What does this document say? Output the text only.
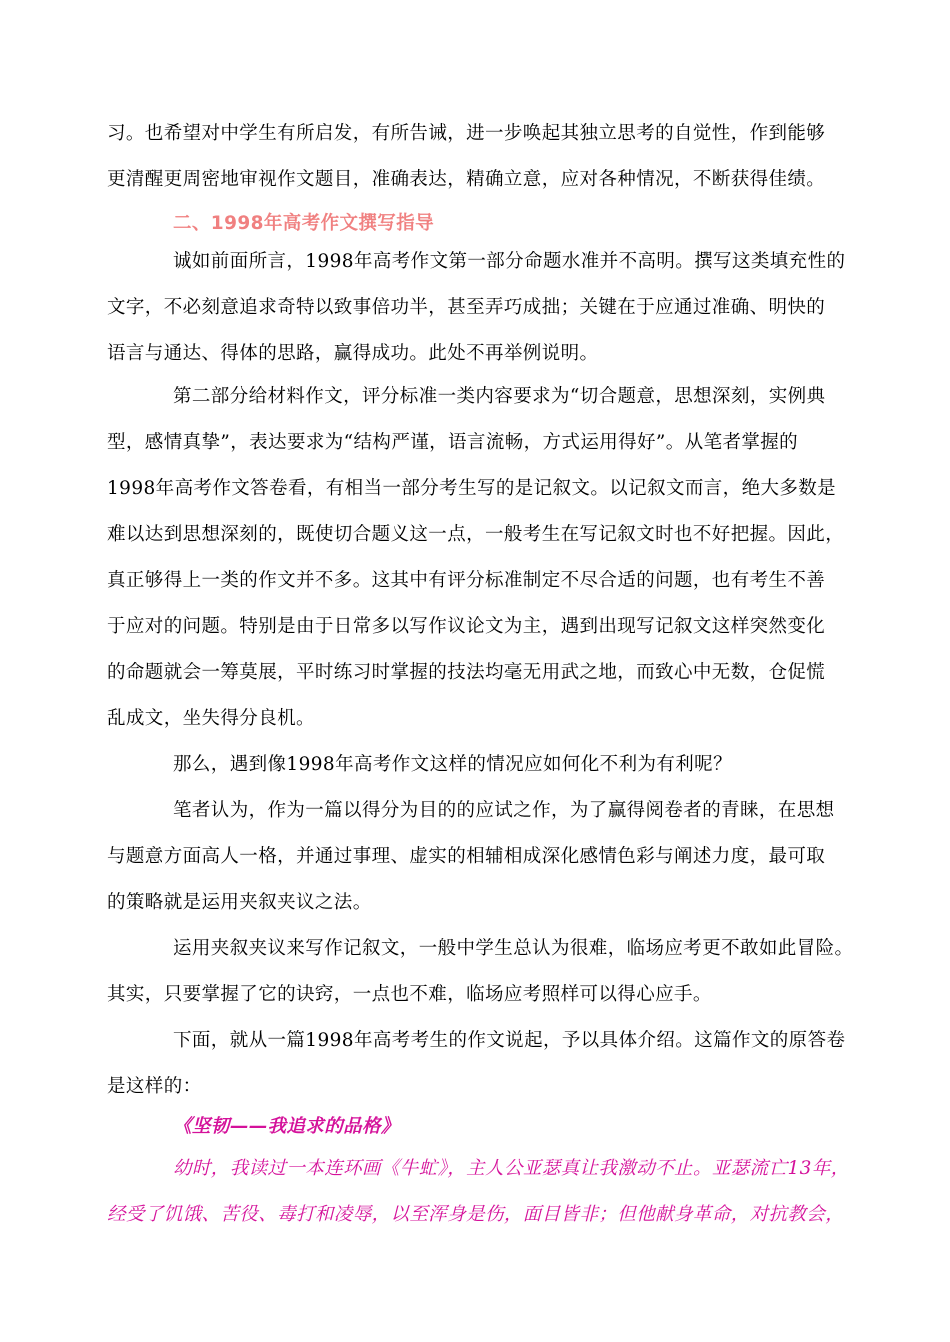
习。也希望对中学生有所启发，有所告诫，进一步唤起其独立思考的自觉性，作到能够
更清醒更周密地审视作文题目，准确表达，精确立意，应对各种情况，不断获得佳绩。
二、1998年高考作文撰写指导
诚如前面所言，1998年高考作文第一部分命题水准并不高明。撰写这类填充性的
文字，不必刻意追求奇特以致事倍功半，甚至弄巧成拙；关键在于应通过准确、明快的
语言与通达、得体的思路，赢得成功。此处不再举例说明。
第二部分给材料作文，评分标准一类内容要求为“切合题意，思想深刻，实例典
型，感情真挚”，表达要求为“结构严谨，语言流畅，方式运用得好”。从笔者掌握的
1998年高考作文答卷看，有相当一部分考生写的是记叙文。以记叙文而言，绝大多数是
难以达到思想深刻的，既使切合题义这一点，一般考生在写记叙文时也不好把握。因此，
真正够得上一类的作文并不多。这其中有评分标准制定不尽合适的问题，也有考生不善
于应对的问题。特别是由于日常多以写作议论文为主，遇到出现写记叙文这样突然变化
的命题就会一筹莫展，平时练习时掌握的技法均毫无用武之地，而致心中无数，仓促慌
乱成文，坐失得分良机。
那么，遇到像1998年高考作文这样的情况应如何化不利为有利呢？
笔者认为，作为一篇以得分为目的的应试之作，为了赢得阅卷者的青睐，在思想
与题意方面高人一格，并通过事理、虚实的相辅相成深化感情色彩与阐述力度，最可取
的策略就是运用夹叙夹议之法。
运用夹叙夹议来写作记叙文，一般中学生总认为很难，临场应考更不敢如此冒险。
其实，只要掌握了它的诀窍，一点也不难，临场应考照样可以得心应手。
下面，就从一篇1998年高考考生的作文说起，予以具体介绍。这篇作文的原答卷
是这样的：
《坚韧——我追求的品格》
幼时，我读过一本连环画《牛虻》，主人公亚瑟真让我激动不止。亚瑟流亡13年，
经受了饥饿、苦役、毒打和凌辱，以至浑身是伤，面目皆非；但他献身革命，对抗教会，
